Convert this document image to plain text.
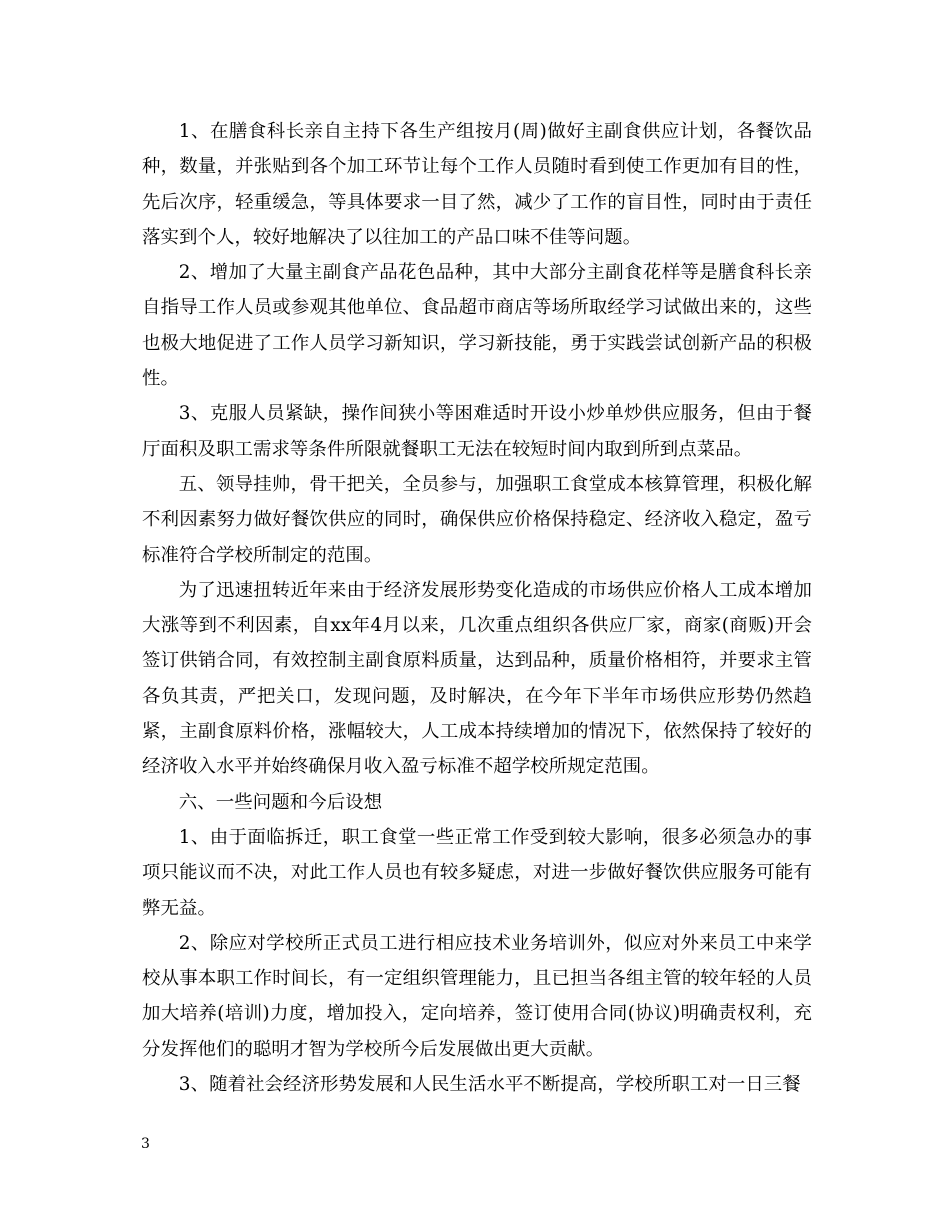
1、在膳食科长亲自主持下各生产组按月(周)做好主副食供应计划，各餐饮品种，数量，并张贴到各个加工环节让每个工作人员随时看到使工作更加有目的性，先后次序，轻重缓急，等具体要求一目了然，减少了工作的盲目性，同时由于责任落实到个人，较好地解决了以往加工的产品口味不佳等问题。

2、增加了大量主副食产品花色品种，其中大部分主副食花样等是膳食科长亲自指导工作人员或参观其他单位、食品超市商店等场所取经学习试做出来的，这些也极大地促进了工作人员学习新知识，学习新技能，勇于实践尝试创新产品的积极性。

3、克服人员紧缺，操作间狭小等困难适时开设小炒单炒供应服务，但由于餐厅面积及职工需求等条件所限就餐职工无法在较短时间内取到所到点菜品。

五、领导挂帅，骨干把关，全员参与，加强职工食堂成本核算管理，积极化解不利因素努力做好餐饮供应的同时，确保供应价格保持稳定、经济收入稳定，盈亏标准符合学校所制定的范围。

为了迅速扭转近年来由于经济发展形势变化造成的市场供应价格人工成本增加大涨等到不利因素，自xx年4月以来，几次重点组织各供应厂家，商家(商贩)开会签订供销合同，有效控制主副食原料质量，达到品种，质量价格相符，并要求主管各负其责，严把关口，发现问题，及时解决，在今年下半年市场供应形势仍然趋紧，主副食原料价格，涨幅较大，人工成本持续增加的情况下，依然保持了较好的经济收入水平并始终确保月收入盈亏标准不超学校所规定范围。

六、一些问题和今后设想

1、由于面临拆迁，职工食堂一些正常工作受到较大影响，很多必须急办的事项只能议而不决，对此工作人员也有较多疑虑，对进一步做好餐饮供应服务可能有弊无益。

2、除应对学校所正式员工进行相应技术业务培训外，似应对外来员工中来学校从事本职工作时间长，有一定组织管理能力，且已担当各组主管的较年轻的人员加大培养(培训)力度，增加投入，定向培养，签订使用合同(协议)明确责权利，充分发挥他们的聪明才智为学校所今后发展做出更大贡献。

3、随着社会经济形势发展和人民生活水平不断提高，学校所职工对一日三餐

3
